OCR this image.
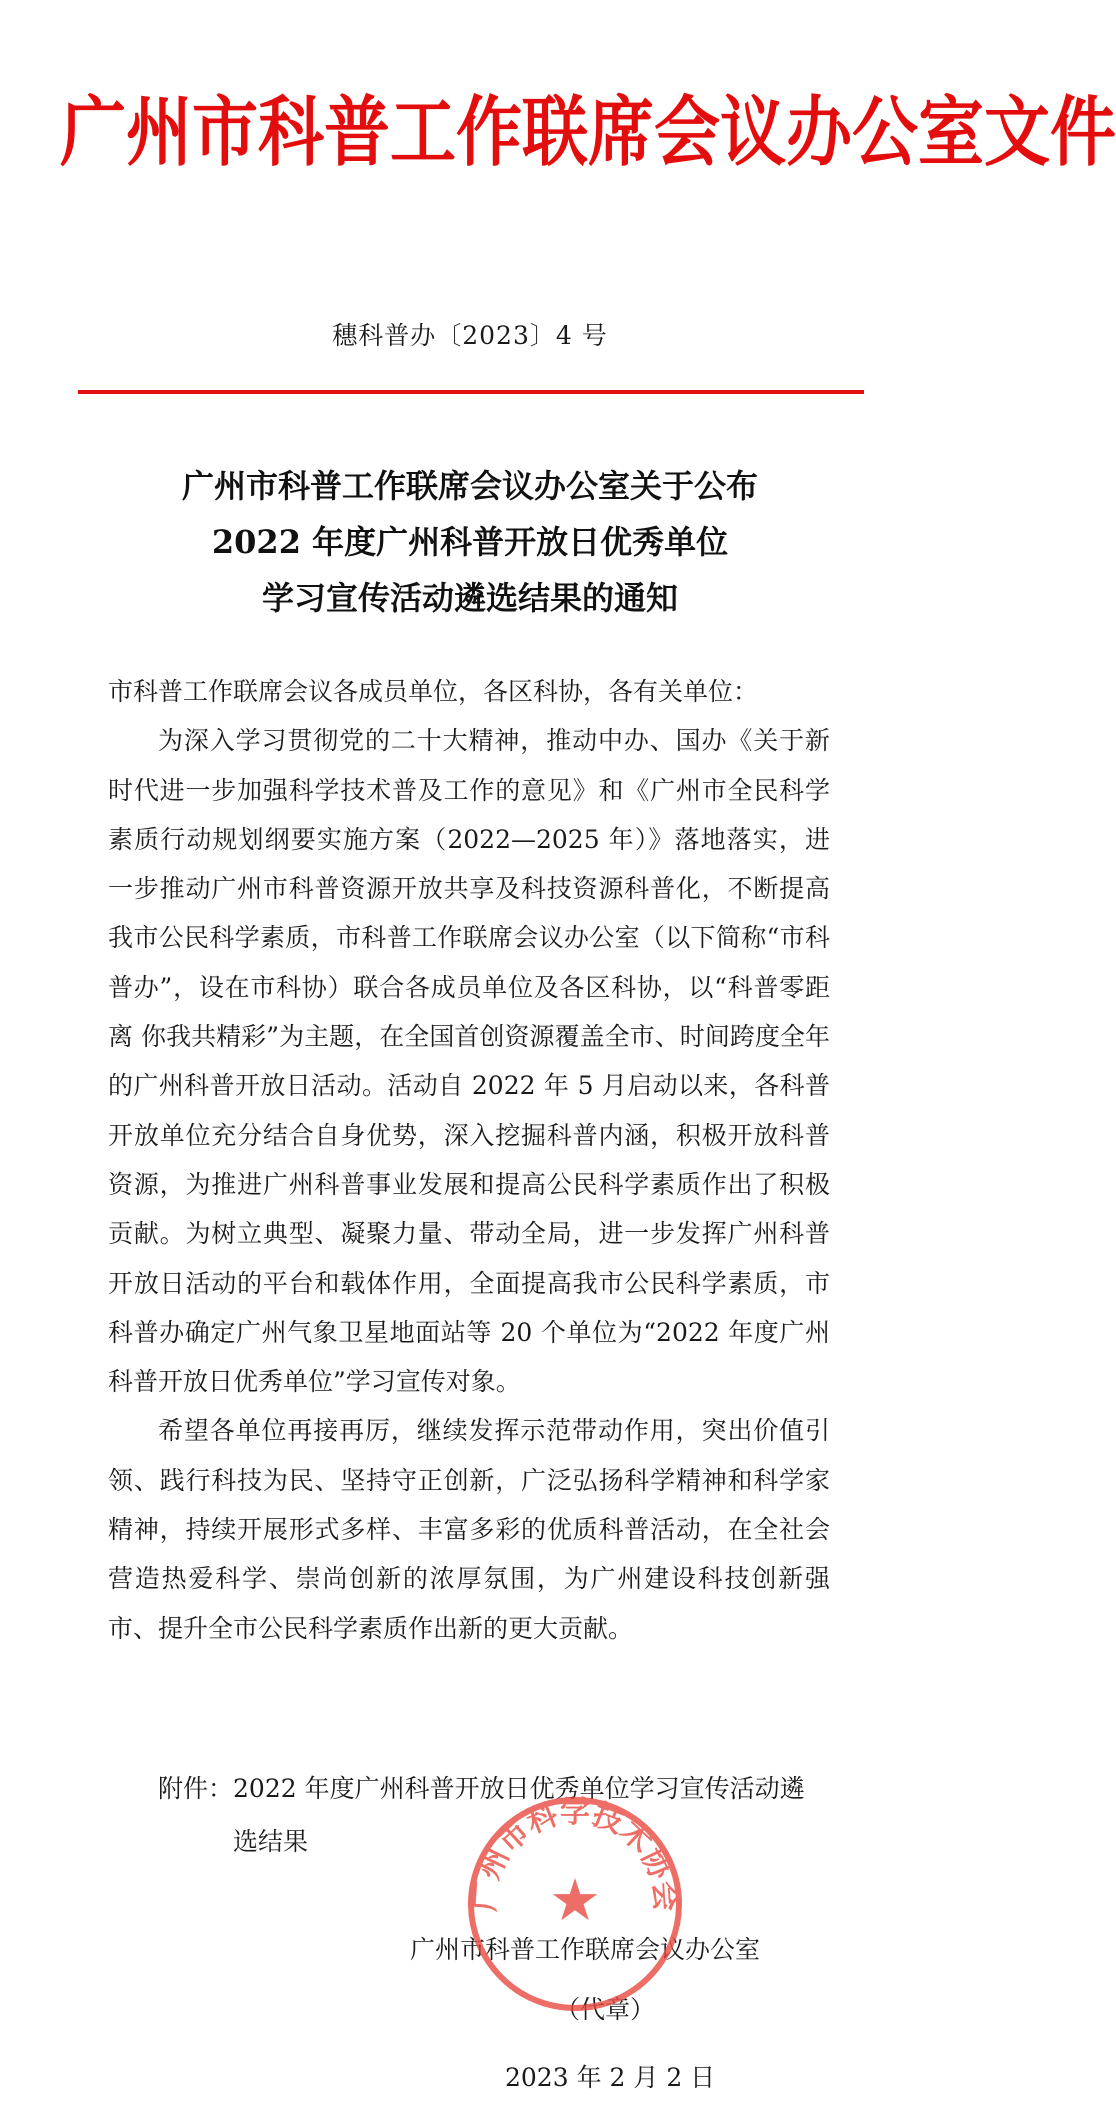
广州市科普工作联席会议办公室文件
穗科普办〔2023〕4 号
广州市科普工作联席会议办公室关于公布
2022 年度广州科普开放日优秀单位
学习宣传活动遴选结果的通知

市科普工作联席会议各成员单位，各区科协，各有关单位：

为深入学习贯彻党的二十大精神，推动中办、国办《关于新时代进一步加强科学技术普及工作的意见》和《广州市全民科学素质行动规划纲要实施方案（2022—2025 年）》落地落实，进一步推动广州市科普资源开放共享及科技资源科普化，不断提高我市公民科学素质，市科普工作联席会议办公室（以下简称“市科普办”，设在市科协）联合各成员单位及各区科协，以“科普零距离 你我共精彩”为主题，在全国首创资源覆盖全市、时间跨度全年的广州科普开放日活动。活动自 2022 年 5 月启动以来，各科普开放单位充分结合自身优势，深入挖掘科普内涵，积极开放科普资源，为推进广州科普事业发展和提高公民科学素质作出了积极贡献。为树立典型、凝聚力量、带动全局，进一步发挥广州科普开放日活动的平台和载体作用，全面提高我市公民科学素质，市科普办确定广州气象卫星地面站等 20 个单位为“2022 年度广州科普开放日优秀单位”学习宣传对象。

希望各单位再接再厉，继续发挥示范带动作用，突出价值引领、践行科技为民、坚持守正创新，广泛弘扬科学精神和科学家精神，持续开展形式多样、丰富多彩的优质科普活动，在全社会营造热爱科学、崇尚创新的浓厚氛围，为广州建设科技创新强市、提升全市公民科学素质作出新的更大贡献。

附件： 2022 年度广州科普开放日优秀单位学习宣传活动遴
选结果
广州市科普工作联席会议办公室
（代章）
2023 年 2 月 2 日
广州市科学技术协会
★
